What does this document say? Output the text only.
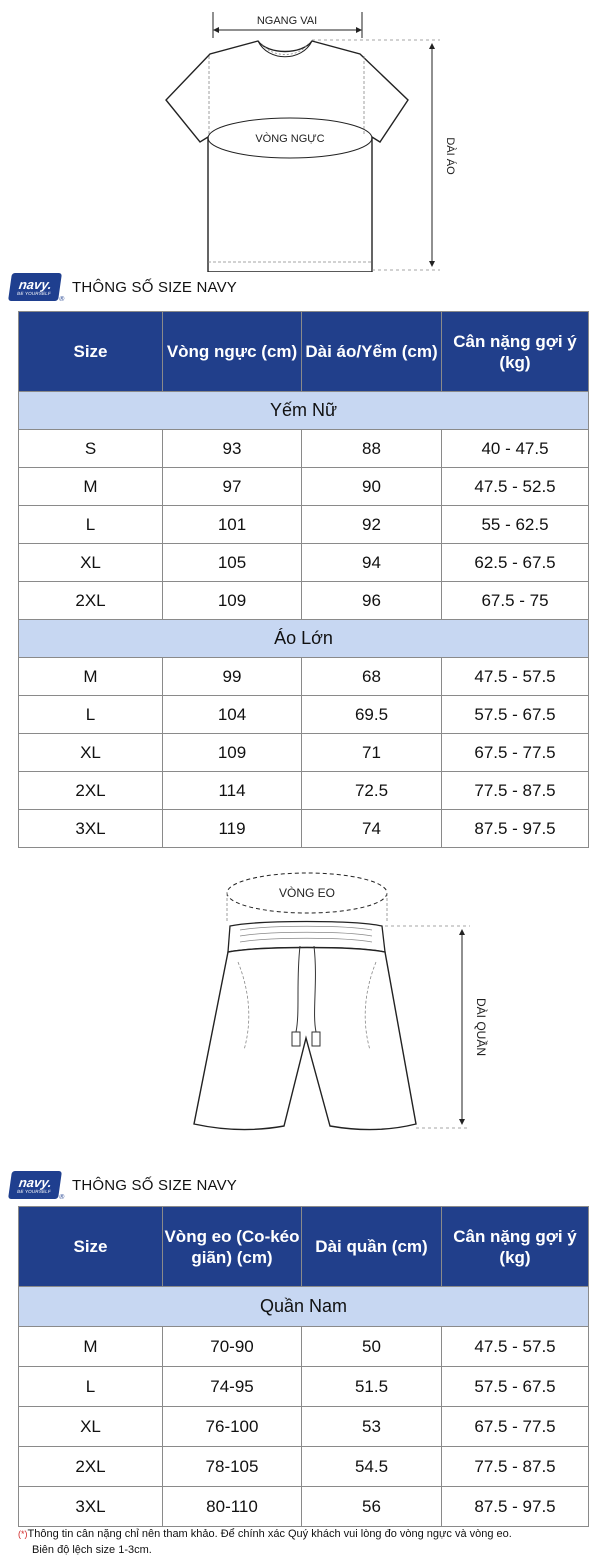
NGANG VAI
VÒNG NGỰC	DÀI ÁO
navy.
BE YOURSELF
®
THÔNG SỐ SIZE NAVY
Size	Vòng ngực (cm)	Dài áo/Yếm (cm)	Cân nặng gợi ý (kg)
Yếm Nữ			
S	93	88	40 - 47.5
M	97	90	47.5 - 52.5
L	101	92	55 - 62.5
XL	105	94	62.5 - 67.5
2XL	109	96	67.5 - 75
Áo Lớn			
M	99	68	47.5 - 57.5
L	104	69.5	57.5 - 67.5
XL	109	71	67.5 - 77.5
2XL	114	72.5	77.5 - 87.5
3XL	119	74	87.5 - 97.5
VÒNG EO
DÀI QUẦN
navy.
BE YOURSELF
®
THÔNG SỐ SIZE NAVY
Size	Vòng eo (Co-kéo giãn) (cm)	Dài quần (cm)	Cân nặng gợi ý (kg)
Quần Nam			
M	70-90	50	47.5 - 57.5
L	74-95	51.5	57.5 - 67.5
XL	76-100	53	67.5 - 77.5
2XL	78-105	54.5	77.5 - 87.5
3XL	80-110	56	87.5 - 97.5
(*)Thông tin cân nặng chỉ nên tham khảo. Để chính xác Quý khách vui lòng đo vòng ngực và vòng eo.
Biên độ lệch size 1-3cm.
